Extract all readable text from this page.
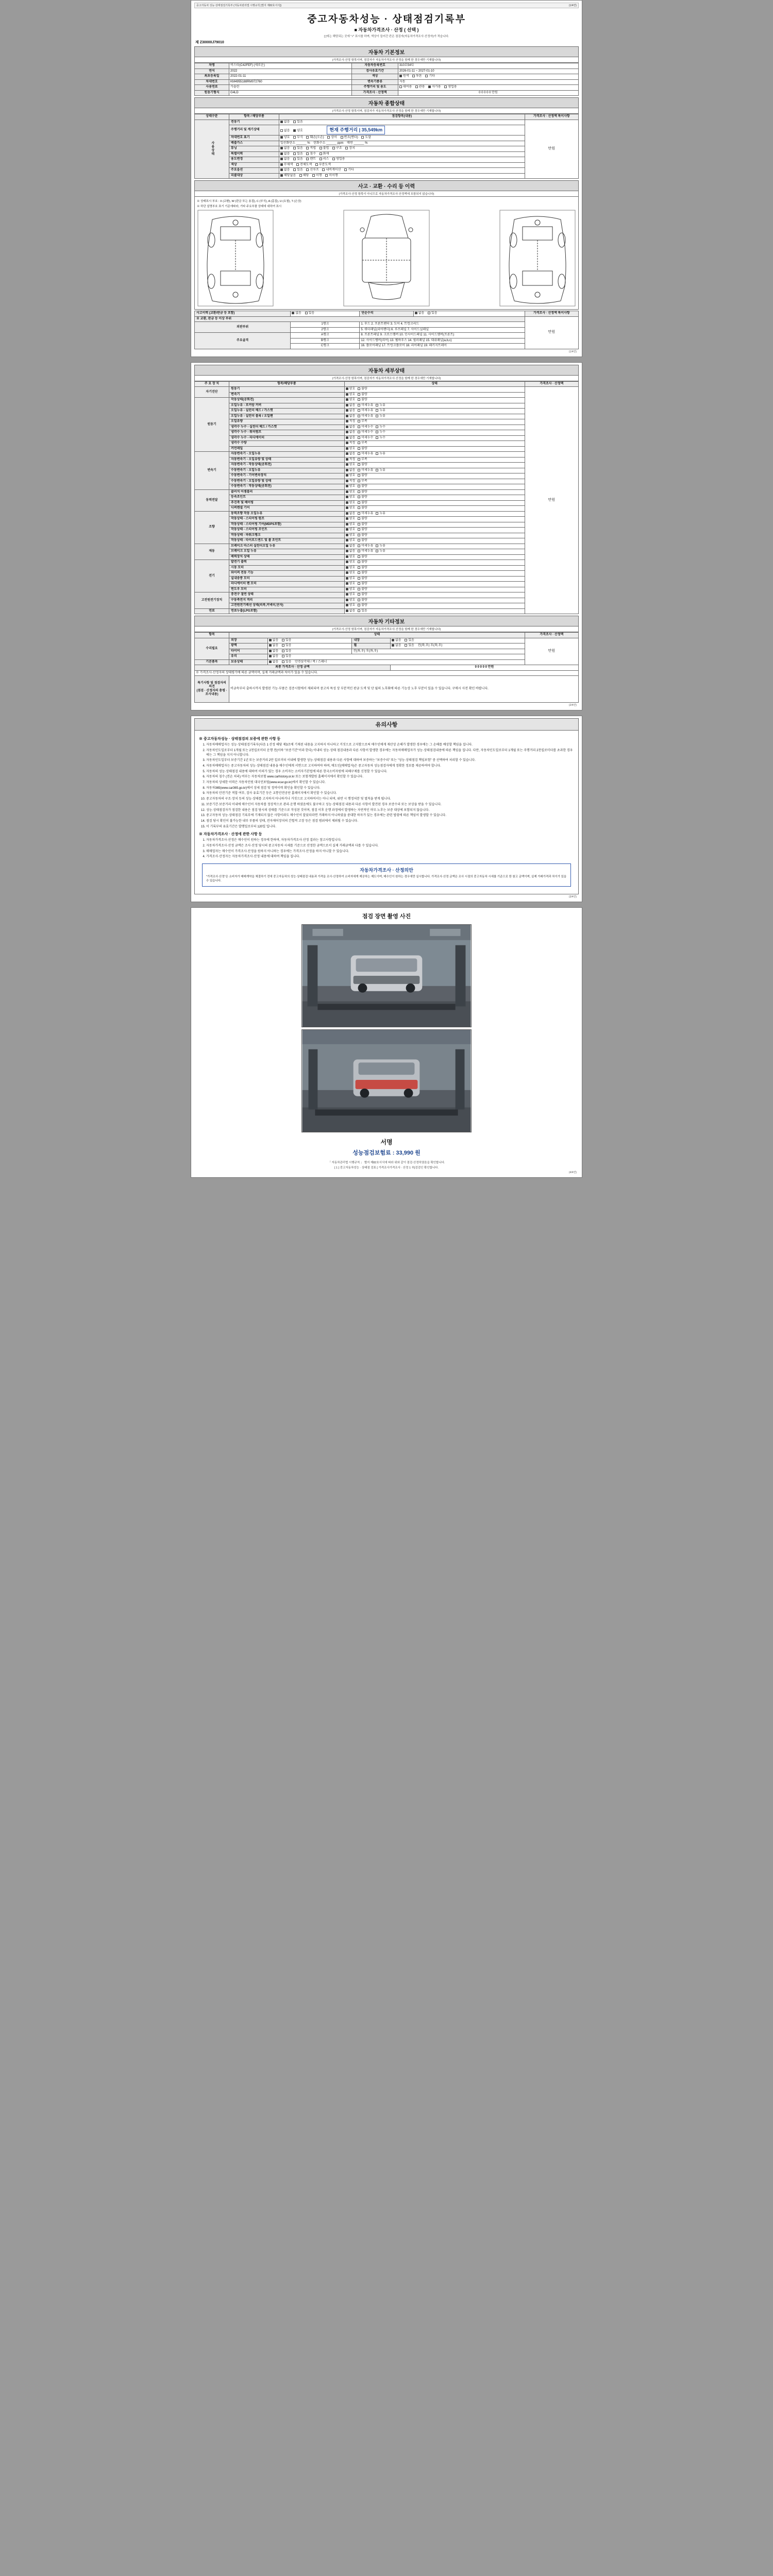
중고자동차 성능·상태점검기록부 (자동차관리법 시행규칙 [별지 제82호서식])	(1/4면)
중고자동차성능 · 상태점검기록부
■ 자동차가격조사 · 산정 ( 선택 )
[ ]에는 해당되는 곳에 "√" 표시를 하며, 색상이 들어간 칸은 점검자(자동차가격조사·산정자)가 적습니다.
제 Z30000J79010
자동차 기본정보
(가격조사·산정 항목이며, 점검자가 자동차가격조사·산정을 함께 한 경우에만 기재합니다)
차명	비스타(C42FEF) (새로운)	자동차등록번호	310호54디
연식	2022	검사유효기간	2026-01-11 ~ 2027-01-10
최초등록일	2022-01-11	색상	원색 투톤 기타
차대번호	KM4955188RM072760	변속기종류	자동
사용연료	가솔린	주행거리 및 용도	대여용 관용 자가용 영업용
원동기형식	G4LD	가격조사 · 산정액	0 0 0 0 0 만원
자동차 종합상태
(가격조사·산정 항목이며, 점검자가 자동차가격조사·산정을 함께 한 경우에만 기재합니다)
상태구분	항목 / 해당부품	점검항목(내용)	가격조사 · 산정액 특이사항
사용상태	전동기	없음 있음	만원
	주행거리 및 계기상태	없음 양호 현재 주행거리 | 35,549km	
	차대번호 표기	양호 부식 훼손(오손) 상이 변조(변타) 도말	
	배출가스	일산화탄소 ______ % 탄화수소 ______ ppm 매연 ______ %	
	튜닝	없음 있음 적법 불법 구조 장치	
	특별이력	없음 있음 침수 화재	
	용도변경	없음 있음 렌트 리스 영업용	
	색상	무채색 전체도색 부분도색	
	주요옵션	없음 있음 선루프 내비게이션 기타	
	리콜대상	해당없음 해당 이행 미이행	
사고 · 교환 · 수리 등 이력
(가격조사·산정 항목이 아니므로 자동차가격조사·산정액에 포함되지 않습니다)
※ 상태표시 부호 : X (교환), W (판금 또는 용접), C (부식), A (흠집), U (요철), T (손상)
※ 하단 설명부호 표기 기준에따라, 기타 주요부품 상태에 대하여 표시
사고이력 (교환/판금 등 포함)	없음 있음	단순수리	없음 있음	가격조사 · 산정액 특이사항
※ 교환, 판금 등 이상 부위				만원
외판부위	1랭크	1. 후드 2. 프론트팬더 3. 도어 4. 트렁크리드		
	2랭크	5. 쿼터패널(리어팬더) 6. 루프패널 7. 사이드실패널		
주요골격	A랭크	8. 프론트패널 9. 크로스멤버 10. 인사이드패널 11. 사이드멤버(프론트)		
	B랭크	12. 사이드멤버(리어) 13. 휠하우스 14. 필러패널 15. 대쉬패널(a,b,c)		
	C랭크	16. 플로어패널 17. 트렁크플로어 18. 리어패널 19. 패키지트레이		
(1/4면)
자동차 세부상태
(가격조사·산정 항목이며, 점검자가 자동차가격조사·산정을 함께 한 경우에만 기재합니다)
주 요 장 치	항목/해당부품	상태	가격조사 · 산정액
자기진단	원동기	양호 불량	만원
	변속기	양호 불량	
원동기	작동상태(공회전)	양호 불량	
	오일누유 - 로커암 커버	없음 미세누유 누유	
	오일누유 - 실린더 헤드 / 가스켓	없음 미세누유 누유	
	오일누유 - 실린더 블록 / 오일팬	없음 미세누유 누유	
	오일유량	적정 부족	
	냉각수 누수 - 실린더 헤드 / 가스켓	없음 미세누수 누수	
	냉각수 누수 - 워터펌프	없음 미세누수 누수	
	냉각수 누수 - 라디에이터	없음 미세누수 누수	
	냉각수 수량	적정 부족	
	커먼레일	양호 불량	
변속기	자동변속기 - 오일누유	없음 미세누유 누유	
	자동변속기 - 오일유량 및 상태	적정 부족	
	자동변속기 - 작동상태(공회전)	양호 불량	
	수동변속기 - 오일누유	없음 미세누유 누유	
	수동변속기 - 기어변속장치	양호 불량	
	수동변속기 - 오일유량 및 상태	적정 부족	
	수동변속기 - 작동상태(공회전)	양호 불량	
동력전달	클러치 어셈블리	양호 불량	
	등속조인트	양호 불량	
	추진축 및 베어링	양호 불량	
	디퍼렌셜 기어	양호 불량	
조향	동력조향 작동 오일누유	없음 미세누유 누유	
	작동상태 - 스티어링 펌프	양호 불량	
	작동상태 - 스티어링 기어(MDPS포함)	양호 불량	
	작동상태 - 스티어링 조인트	양호 불량	
	작동상태 - 파워크랭크	양호 불량	
	작동상태 - 타이로드엔드 및 볼 조인트	양호 불량	
제동	브레이크 마스터 실린더오일 누유	없음 미세누유 누유	
	브레이크 오일 누유	없음 미세누유 누유	
	배력장치 상태	양호 불량	
전기	발전기 출력	양호 불량	
	시동 모터	양호 불량	
	와이퍼 전동 기능	양호 불량	
	실내송풍 모터	양호 불량	
	라디에이터 팬 모터	양호 불량	
	윈도우 모터	양호 불량	
고전원전기장치	충전구 절연 상태	양호 불량	
	구동축전지 격리	양호 불량	
	고전원전기배선 상태(피복,커넥터,단자)	양호 불량	
연료	연료누출(LPG포함)	없음 있음	
자동차 기타정보
(가격조사·산정 항목이며, 점검자가 자동차가격조사·산정을 함께 한 경우에만 기재합니다)
항목	상태				가격조사 · 산정액
수리필요	외장	없음 있음	내장	없음 있음	만원
	광택	없음 있음	휠	없음 있음 전(좌,우) 후(좌,우)	
	타이어	없음 있음	전(좌,우) 후(좌,우)		
	유리	없음 있음			
기본품목	보유상태	없음 있음 안전삼각대 / 잭 / 스패너			
최종 가격조사 · 산정 금액				0 0 0 0 0 만원	
※ 가격조사·산정자의 상태평가에 따른 금액이며, 실제 거래금액과 차이가 있을 수 있습니다.					

특기사항 및 점검자의 의견
(점검 · 산정자의 총평 · 조사내용)	비금속부터 출하시까지 발생된 기능·부품은 검증시험에서 제외되며 중고차 특성 상 부분적인 판금 도색 및 단 월의 노후화에 따른 기능상 노후 부분이 있을 수 있습니다. 구매시 사전 확인 바랍니다.				
(2/4면)
유의사항
※ 중고자동차성능 · 상태점검의 보증에 관한 사항 등
1. 자동차매매업자는 성능·상태점검기록부(다음 1 산정 해당 제3조에 기재된 내용을 고지하지 아니하고 거짓으로 고지함으로써 매수인에게 재산상 손해가 발생한 경우에는 그 손해를 배상할 책임을 집니다.
2. 자동차인도일로부터 1개월 또는 2천킬로미터 운행 전(이하 "보증기간"이라 한다) 이내의 성능·상태 점검내용과 다른 사항이 발생한 경우에는 자동차매매업자가 성능·상태점검내용에 따른 책임을 집니다. 다만, 자동차인도일로부터 1개월 또는 주행거리 2천킬로미터를 초과한 경우에는 그 책임을 지지 아니합니다.
3. 자동차인도일부터 보증기간 1년 또는 보증거리 2만 킬로미터 이내에 발생한 성능·상태점검 내용과 다른 사항에 대하여 보증하는 "보증수리" 또는 "성능·상태점검 책임보험" 중 선택하여 처리할 수 있습니다.
4. 자동차매매업자는 중고자동차의 성능·상태점검 내용을 매수인에게 서면으로 고지하여야 하며, 매도인(매매업자)은 중고자동차 성능점검자에게 정확한 정보를 제공하여야 합니다.
5. 자동차의 성능·상태점검 내용에 대하여 이의가 있는 경우 소비자는 소비자기본법에 따른 한국소비자원에 피해구제를 신청할 수 있습니다.
6. 자동차의 침수 (전손 처리) 여부는 자동차보험 www.carhistory.or.kr 또는 보험개발원 홈페이지에서 확인할 수 있습니다.
7. 자동차의 상세한 이력은 자동차민원 대국민포털(www.ecar.go.kr)에서 확인할 수 있습니다.
8. 자동차365(www.car365.go.kr)에서 상세 점검 및 정비이력 확인을 확인할 수 있습니다.
9. 자동차의 안전기준 적합 여부, 검사 유효기간 등은 교통안전공단 홈페이지에서 확인할 수 있습니다.
10. 중고자동차의 구조·장치 등의 성능·상태를 고지하지 아니하거나 거짓으로 고지하여서는 아니 되며, 위반 시 행정처분 및 벌칙을 받게 됩니다.
11. 보증기간·보증거리 이내에 매수인이 자동차를 정상적으로 관리·운행 하였음에도 불구하고 성능·상태점검 내용과 다른 사항이 발견된 경우 보증수리 또는 보상을 받을 수 있습니다.
12. 성능·상태점검자가 점검한 내용은 점검 당시의 상태를 기준으로 작성된 것이며, 점검 이후 운행 과정에서 발생하는 자연적인 마모·노후는 보증 대상에 포함되지 않습니다.
13. 중고자동차 성능·상태점검 기록부에 기재되지 않은 사항이라도 매수인이 알았더라면 거래하지 아니하였을 중대한 하자가 있는 경우에는 관련 법령에 따른 책임이 발생할 수 있습니다.
14. 점검 당시 확인이 불가능한 내부 부품의 상태, 전자제어장치의 간헐적 고장 등은 점검 범위에서 제외될 수 있습니다.
15. 이 기록부의 유효기간은 발행일로부터 120일 입니다.
※ 자동차가격조사 · 산정에 관한 사항 등
1. 자동차가격조사·산정은 매수인이 원하는 경우에 한하며, 자동차가격조사·산정 결과는 참고사항입니다.
2. 자동차가격조사·산정 금액은 조사·산정 당시의 중고자동차 시세를 기준으로 산정한 금액으로서 실제 거래금액과 다를 수 있습니다.
3. 매매업자는 매수인이 가격조사·산정을 원하지 아니하는 경우에는 가격조사·산정을 하지 아니할 수 있습니다.
4. 가격조사·산정자는 자동차가격조사·산정 내용에 대하여 책임을 집니다.
자동차가격조사 · 산정의안
"가격조사·산정"은 소비자가 매매계약을 체결하기 전에 중고자동차의 성능·상태점검 내용과 가격을 조사·산정하여 소비자에게 제공하는 제도이며, 매수인이 원하는 경우에만 실시합니다. 가격조사·산정 금액은 조사 시점의 중고자동차 시세를 기준으로 한 참고 금액이며, 실제 거래가격과 차이가 있을 수 있습니다.
(3/4면)
점검 장면 촬영 사진
서명
성능점검보험료 : 33,990 원
「 자동차관리법 시행규칙 」 별지 제82호서식에 따라 위와 같이 점검·산정하였음을 확인합니다.
[ 1 ] 중고자동차성능 · 상태점 검표 [ 가격조사가격조사 · 산정 1 부]검검인 확인합니다.
(4/4면)
